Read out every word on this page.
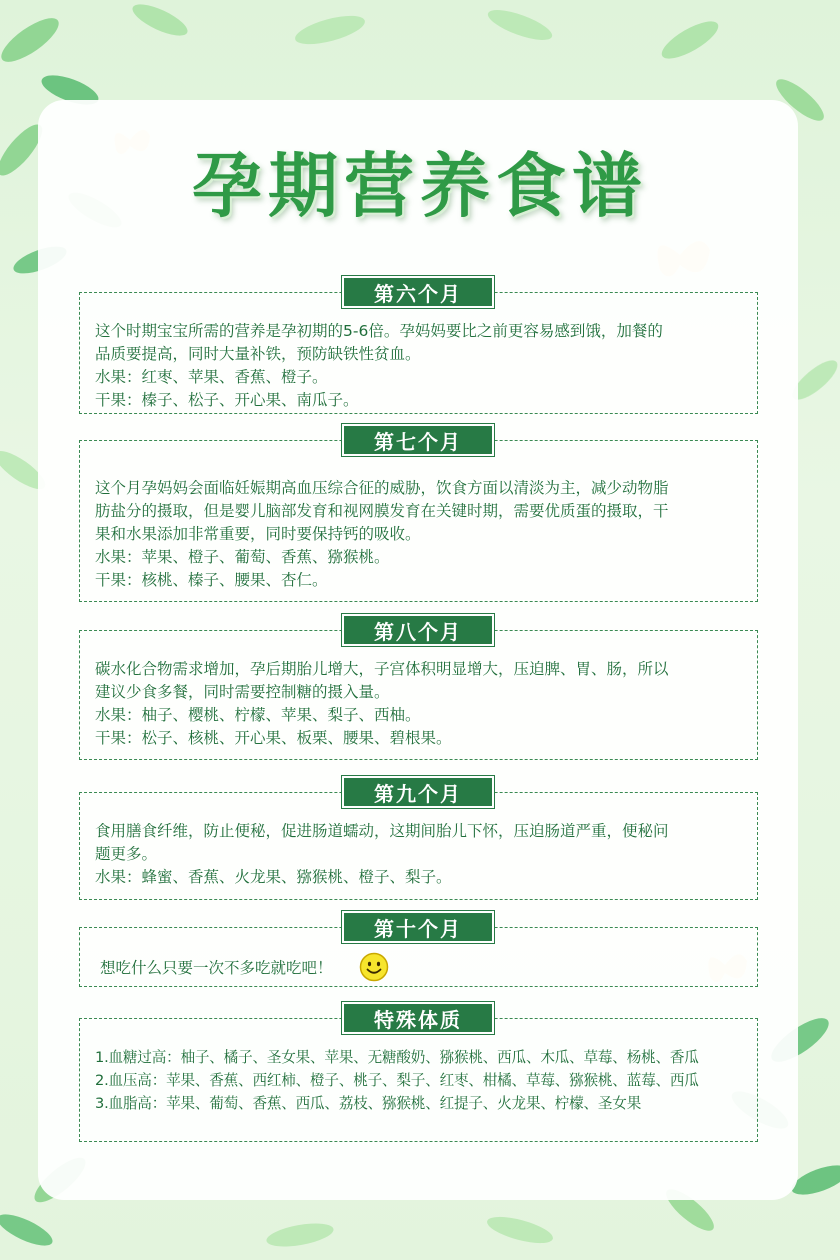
孕期营养食谱
第六个月

这个时期宝宝所需的营养是孕初期的5-6倍。孕妈妈要比之前更容易感到饿，加餐的

品质要提高，同时大量补铁，预防缺铁性贫血。

水果：红枣、苹果、香蕉、橙子。

干果：榛子、松子、开心果、南瓜子。

第七个月

这个月孕妈妈会面临妊娠期高血压综合征的威胁，饮食方面以清淡为主，减少动物脂

肪盐分的摄取，但是婴儿脑部发育和视网膜发育在关键时期，需要优质蛋的摄取，干

果和水果添加非常重要，同时要保持钙的吸收。

水果：苹果、橙子、葡萄、香蕉、猕猴桃。

干果：核桃、榛子、腰果、杏仁。

第八个月

碳水化合物需求增加，孕后期胎儿增大，子宫体积明显增大，压迫脾、胃、肠，所以

建议少食多餐，同时需要控制糖的摄入量。

水果：柚子、樱桃、柠檬、苹果、梨子、西柚。

干果：松子、核桃、开心果、板栗、腰果、碧根果。

第九个月

食用膳食纤维，防止便秘，促进肠道蠕动，这期间胎儿下怀，压迫肠道严重，便秘问

题更多。

水果：蜂蜜、香蕉、火龙果、猕猴桃、橙子、梨子。

第十个月

想吃什么只要一次不多吃就吃吧！

特殊体质

1.血糖过高：柚子、橘子、圣女果、苹果、无糖酸奶、猕猴桃、西瓜、木瓜、草莓、杨桃、香瓜

2.血压高：苹果、香蕉、西红柿、橙子、桃子、梨子、红枣、柑橘、草莓、猕猴桃、蓝莓、西瓜

3.血脂高：苹果、葡萄、香蕉、西瓜、荔枝、猕猴桃、红提子、火龙果、柠檬、圣女果
